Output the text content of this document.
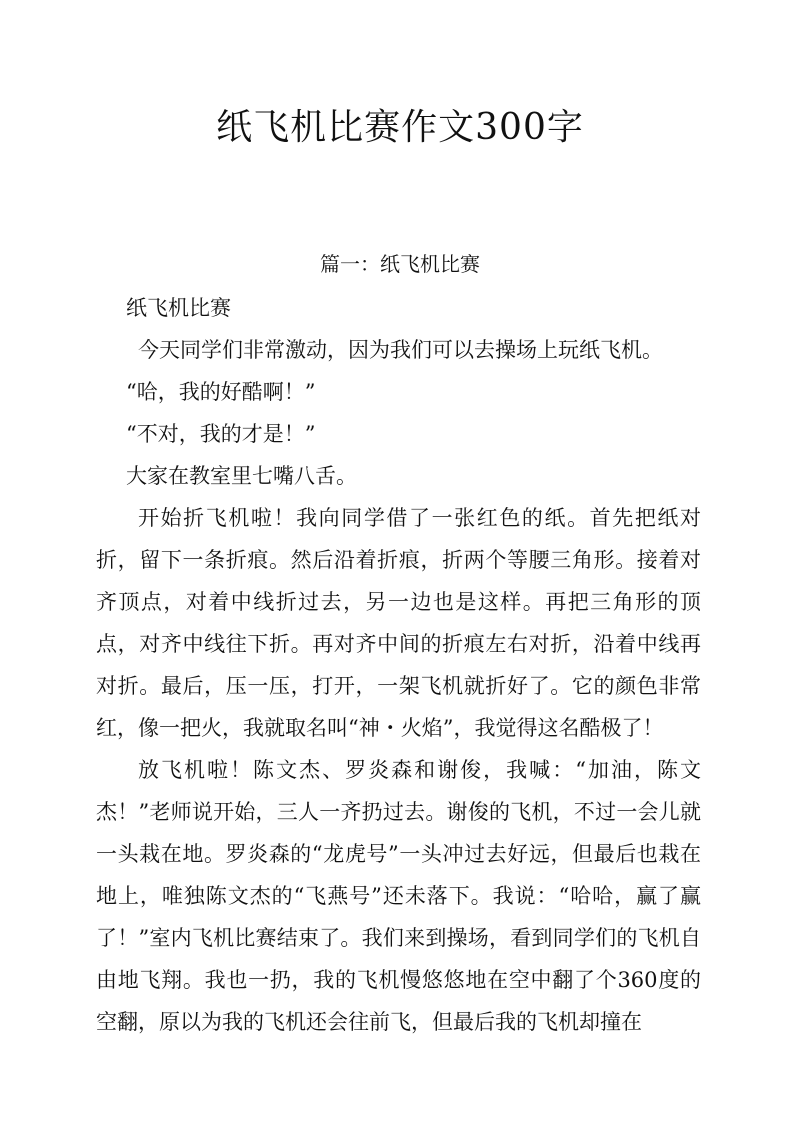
纸飞机比赛作文300字
篇一：纸飞机比赛

纸飞机比赛

今天同学们非常激动，因为我们可以去操场上玩纸飞机。

“哈，我的好酷啊！”

“不对，我的才是！”

大家在教室里七嘴八舌。

开始折飞机啦！我向同学借了一张红色的纸。首先把纸对折，留下一条折痕。然后沿着折痕，折两个等腰三角形。接着对齐顶点，对着中线折过去，另一边也是这样。再把三角形的顶点，对齐中线往下折。再对齐中间的折痕左右对折，沿着中线再对折。最后，压一压，打开，一架飞机就折好了。它的颜色非常红，像一把火，我就取名叫“神・火焰”，我觉得这名酷极了！

放飞机啦！陈文杰、罗炎森和谢俊，我喊：“加油，陈文杰！”老师说开始，三人一齐扔过去。谢俊的飞机，不过一会儿就一头栽在地。罗炎森的“龙虎号”一头冲过去好远，但最后也栽在地上，唯独陈文杰的“飞燕号”还未落下。我说：“哈哈，赢了赢了！”室内飞机比赛结束了。我们来到操场，看到同学们的飞机自由地飞翔。我也一扔，我的飞机慢悠悠地在空中翻了个360度的空翻，原以为我的飞机还会往前飞，但最后我的飞机却撞在
